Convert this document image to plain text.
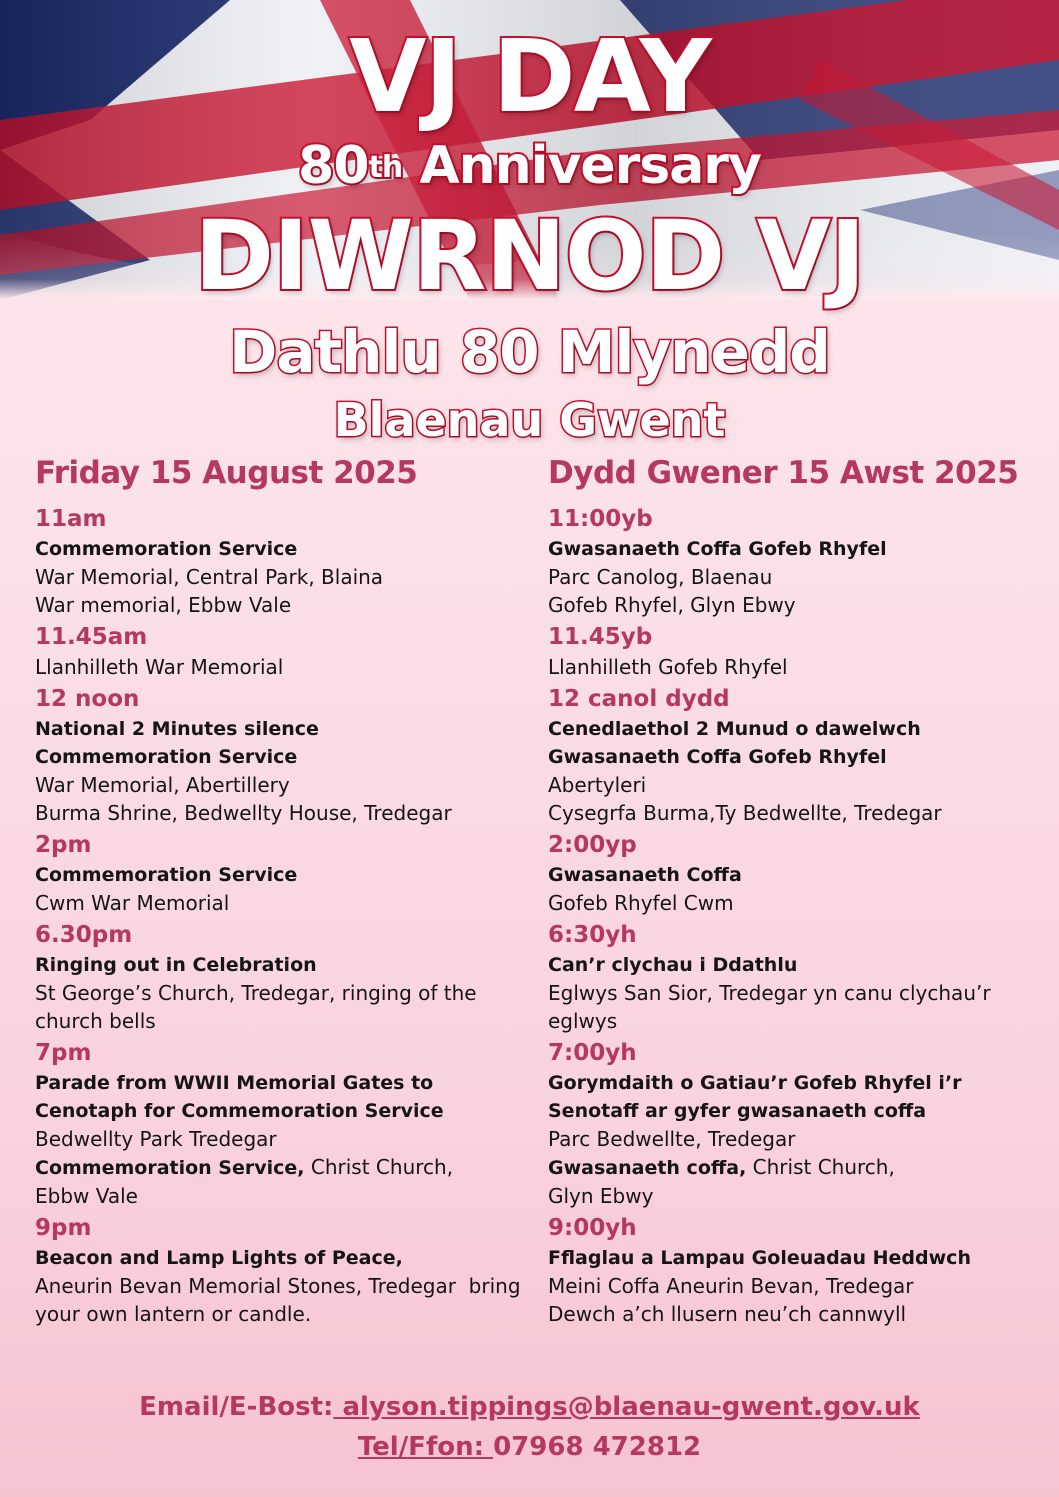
VJ DAY
80th Anniversary
DIWRNOD VJ
Dathlu 80 Mlynedd
Blaenau Gwent
Friday 15 August 2025
11am
Commemoration Service
War Memorial, Central Park, Blaina
War memorial, Ebbw Vale
11.45am
Llanhilleth War Memorial
12 noon
National 2 Minutes silence
Commemoration Service
War Memorial, Abertillery
Burma Shrine, Bedwellty House, Tredegar
2pm
Commemoration Service
Cwm War Memorial
6.30pm
Ringing out in Celebration
St George’s Church, Tredegar, ringing of the
church bells
7pm
Parade from WWII Memorial Gates to
Cenotaph for Commemoration Service
Bedwellty Park Tredegar
Commemoration Service, Christ Church,
Ebbw Vale
9pm
Beacon and Lamp Lights of Peace,
Aneurin Bevan Memorial Stones, Tredegar  bring
your own lantern or candle.
Dydd Gwener 15 Awst 2025
11:00yb
Gwasanaeth Coffa Gofeb Rhyfel
Parc Canolog, Blaenau
Gofeb Rhyfel, Glyn Ebwy
11.45yb
Llanhilleth Gofeb Rhyfel
12 canol dydd
Cenedlaethol 2 Munud o dawelwch
Gwasanaeth Coffa Gofeb Rhyfel
Abertyleri
Cysegrfa Burma,Ty Bedwellte, Tredegar
2:00yp
Gwasanaeth Coffa
Gofeb Rhyfel Cwm
6:30yh
Can’r clychau i Ddathlu
Eglwys San Sior, Tredegar yn canu clychau’r
eglwys
7:00yh
Gorymdaith o Gatiau’r Gofeb Rhyfel i’r
Senotaff ar gyfer gwasanaeth coffa
Parc Bedwellte, Tredegar
Gwasanaeth coffa, Christ Church,
Glyn Ebwy
9:00yh
Fflaglau a Lampau Goleuadau Heddwch
Meini Coffa Aneurin Bevan, Tredegar
Dewch a’ch llusern neu’ch cannwyll
Email/E-Bost: alyson.tippings@blaenau-gwent.gov.uk
Tel/Ffon: 07968 472812
